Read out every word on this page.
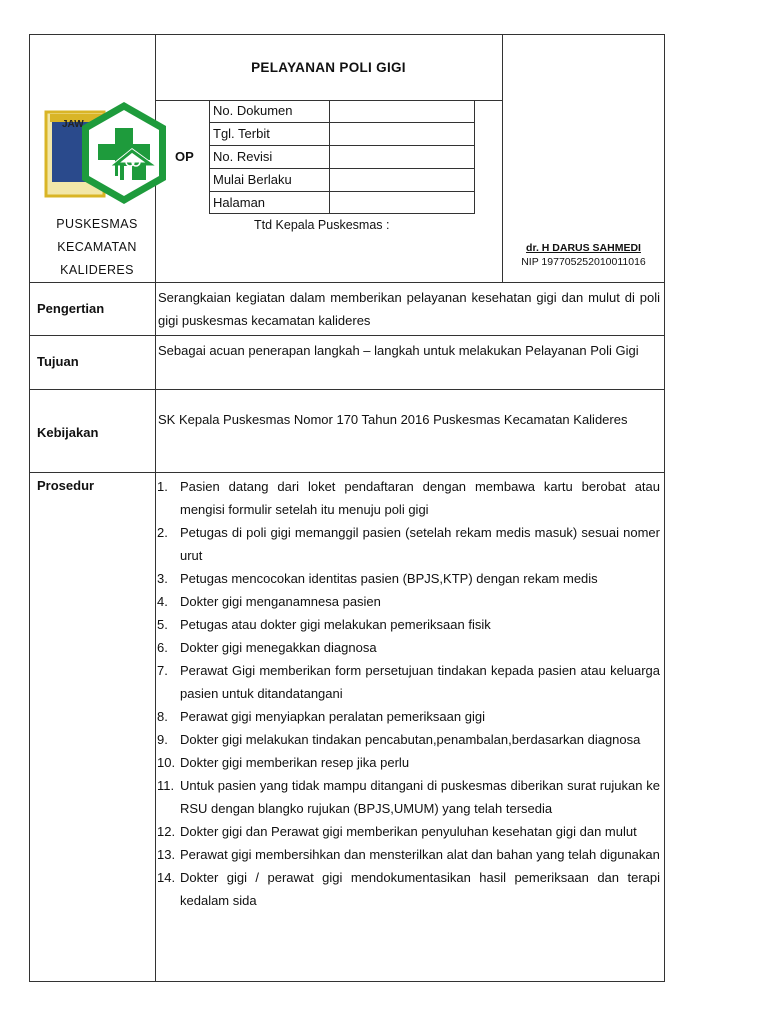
PELAYANAN POLI GIGI
JAW
PUSKESMAS
KECAMATAN
KALIDERES
OP
No. Dokumen
Tgl. Terbit
No. Revisi
Mulai Berlaku
Halaman
Ttd Kepala Puskesmas :
dr. H DARUS SAHMEDI
NIP 197705252010011016
Pengertian
Serangkaian kegiatan dalam memberikan pelayanan kesehatan gigi dan mulut di poli gigi puskesmas kecamatan kalideres
Tujuan
Sebagai acuan penerapan langkah – langkah untuk melakukan Pelayanan Poli Gigi
Kebijakan
SK Kepala Puskesmas Nomor 170 Tahun 2016 Puskesmas Kecamatan Kalideres
Prosedur	1. Pasien datang dari loket pendaftaran dengan membawa kartu berobat atau mengisi formulir setelah itu menuju poli gigi
2. Petugas di poli gigi memanggil pasien (setelah rekam medis masuk) sesuai nomer urut
3. Petugas mencocokan identitas pasien (BPJS,KTP) dengan rekam medis
4. Dokter gigi menganamnesa pasien
5. Petugas atau dokter gigi melakukan pemeriksaan fisik
6. Dokter gigi menegakkan diagnosa
7. Perawat Gigi memberikan form persetujuan tindakan kepada pasien atau keluarga pasien untuk ditandatangani
8. Perawat gigi menyiapkan peralatan pemeriksaan gigi
9. Dokter gigi melakukan tindakan pencabutan,penambalan,berdasarkan diagnosa
10. Dokter gigi memberikan resep jika perlu
11. Untuk pasien yang tidak mampu ditangani di puskesmas diberikan surat rujukan ke RSU dengan blangko rujukan (BPJS,UMUM) yang telah tersedia
12. Dokter gigi dan Perawat gigi memberikan penyuluhan kesehatan gigi dan mulut
13. Perawat gigi membersihkan dan mensterilkan alat dan bahan yang telah digunakan
14. Dokter gigi / perawat gigi mendokumentasikan hasil pemeriksaan dan terapi kedalam sida
